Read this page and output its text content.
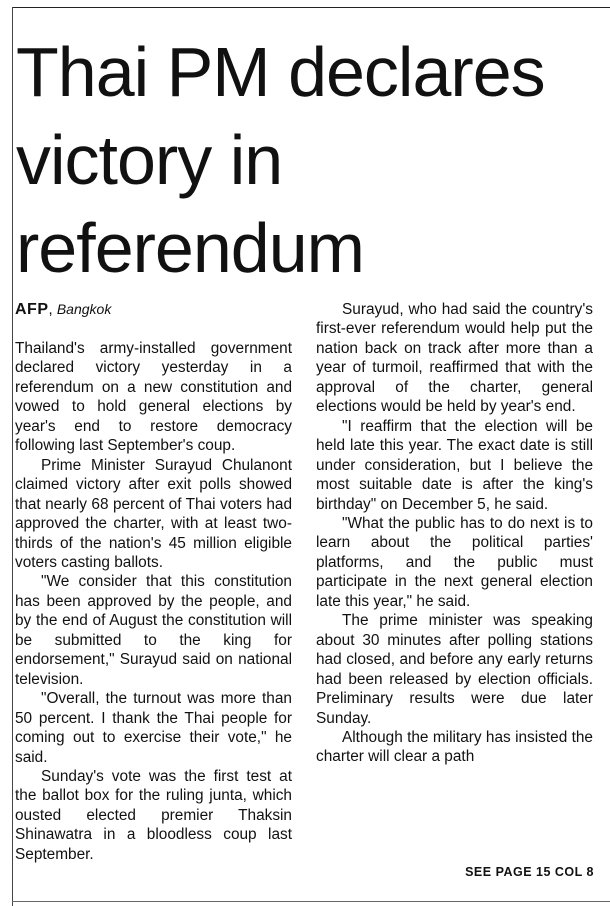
Thai PM declares victory in referendum

AFP, Bangkok

Thailand's army-installed government declared victory yesterday in a referendum on a new constitution and vowed to hold general elections by year's end to restore democracy following last September's coup.

Prime Minister Surayud Chulanont claimed victory after exit polls showed that nearly 68 percent of Thai voters had approved the charter, with at least two-thirds of the nation's 45 million eligible voters casting ballots.

"We consider that this constitution has been approved by the people, and by the end of August the constitution will be submitted to the king for endorsement," Surayud said on national television.

"Overall, the turnout was more than 50 percent. I thank the Thai people for coming out to exercise their vote," he said.

Sunday's vote was the first test at the ballot box for the ruling junta, which ousted elected premier Thaksin Shinawatra in a bloodless coup last September.

Surayud, who had said the country's first-ever referendum would help put the nation back on track after more than a year of turmoil, reaffirmed that with the approval of the charter, general elections would be held by year's end.

"I reaffirm that the election will be held late this year. The exact date is still under consideration, but I believe the most suitable date is after the king's birthday" on December 5, he said.

"What the public has to do next is to learn about the political parties' platforms, and the public must participate in the next general election late this year," he said.

The prime minister was speaking about 30 minutes after polling stations had closed, and before any early returns had been released by election officials. Preliminary results were due later Sunday.

Although the military has insisted the charter will clear a path

SEE PAGE 15 COL 8
